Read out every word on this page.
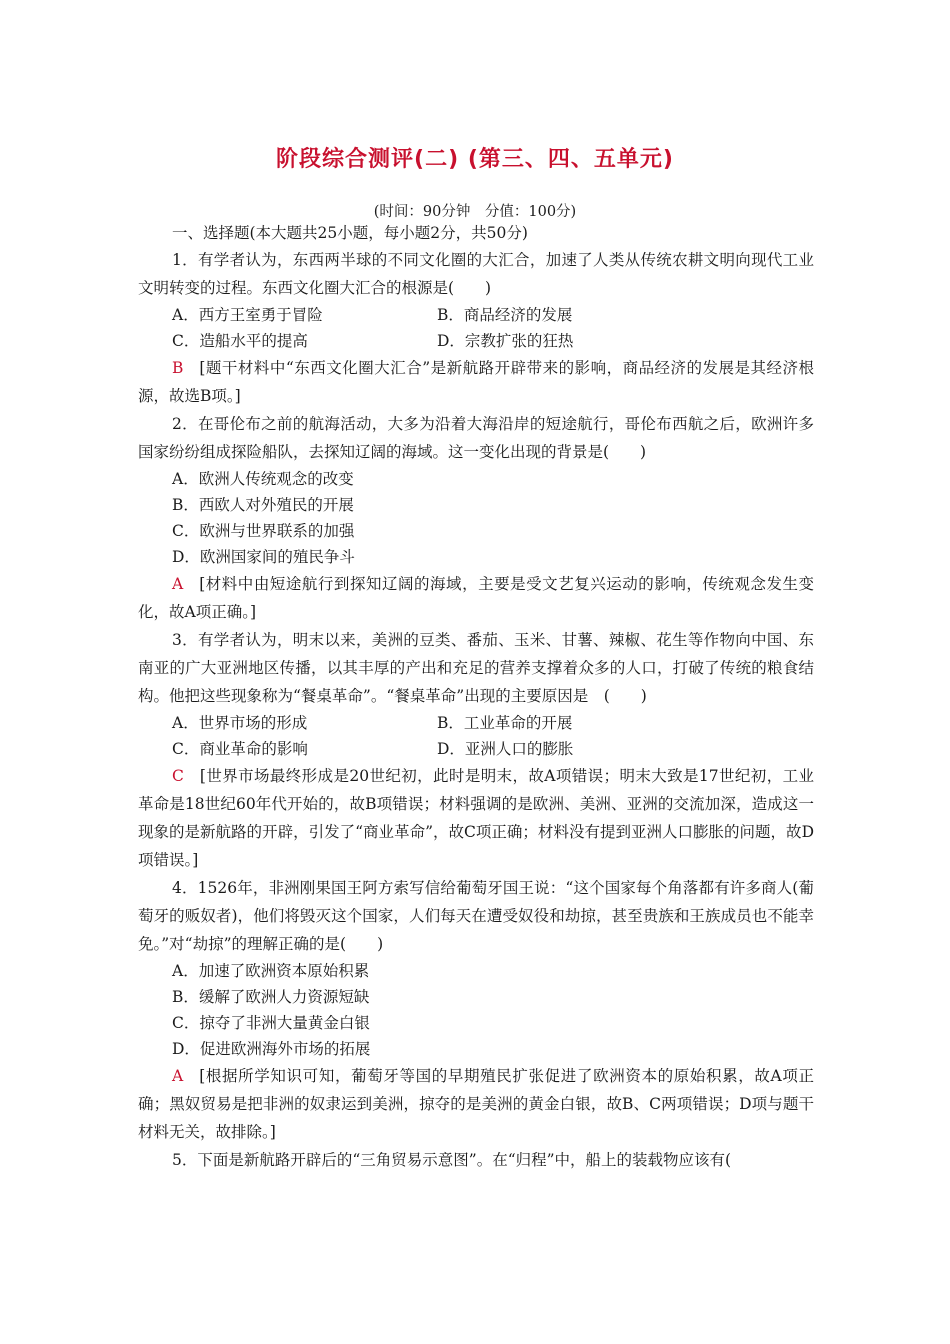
阶段综合测评(二) (第三、四、五单元)
(时间：90分钟　分值：100分)
一、选择题(本大题共25小题，每小题2分，共50分)
1．有学者认为，东西两半球的不同文化圈的大汇合，加速了人类从传统农耕文明向现代工业文明转变的过程。东西文化圈大汇合的根源是(　　)
A．西方王室勇于冒险	B．商品经济的发展
C．造船水平的提高	D．宗教扩张的狂热
B [题干材料中“东西文化圈大汇合”是新航路开辟带来的影响，商品经济的发展是其经济根源，故选B项。]
2．在哥伦布之前的航海活动，大多为沿着大海沿岸的短途航行，哥伦布西航之后，欧洲许多国家纷纷组成探险船队，去探知辽阔的海域。这一变化出现的背景是(　　)
A．欧洲人传统观念的改变
B．西欧人对外殖民的开展
C．欧洲与世界联系的加强
D．欧洲国家间的殖民争斗
A [材料中由短途航行到探知辽阔的海域，主要是受文艺复兴运动的影响，传统观念发生变化，故A项正确。]
3．有学者认为，明末以来，美洲的豆类、番茄、玉米、甘薯、辣椒、花生等作物向中国、东南亚的广大亚洲地区传播，以其丰厚的产出和充足的营养支撑着众多的人口，打破了传统的粮食结构。他把这些现象称为“餐桌革命”。“餐桌革命”出现的主要原因是　(　　)
A．世界市场的形成	B．工业革命的开展
C．商业革命的影响	D．亚洲人口的膨胀
C [世界市场最终形成是20世纪初，此时是明末，故A项错误；明末大致是17世纪初，工业革命是18世纪60年代开始的，故B项错误；材料强调的是欧洲、美洲、亚洲的交流加深，造成这一现象的是新航路的开辟，引发了“商业革命”，故C项正确；材料没有提到亚洲人口膨胀的问题，故D项错误。]
4．1526年，非洲刚果国王阿方索写信给葡萄牙国王说：“这个国家每个角落都有许多商人(葡萄牙的贩奴者)，他们将毁灭这个国家，人们每天在遭受奴役和劫掠，甚至贵族和王族成员也不能幸免。”对“劫掠”的理解正确的是(　　)
A．加速了欧洲资本原始积累
B．缓解了欧洲人力资源短缺
C．掠夺了非洲大量黄金白银
D．促进欧洲海外市场的拓展
A [根据所学知识可知，葡萄牙等国的早期殖民扩张促进了欧洲资本的原始积累，故A项正确；黑奴贸易是把非洲的奴隶运到美洲，掠夺的是美洲的黄金白银，故B、C两项错误；D项与题干材料无关，故排除。]
5．下面是新航路开辟后的“三角贸易示意图”。在“归程”中，船上的装载物应该有(
